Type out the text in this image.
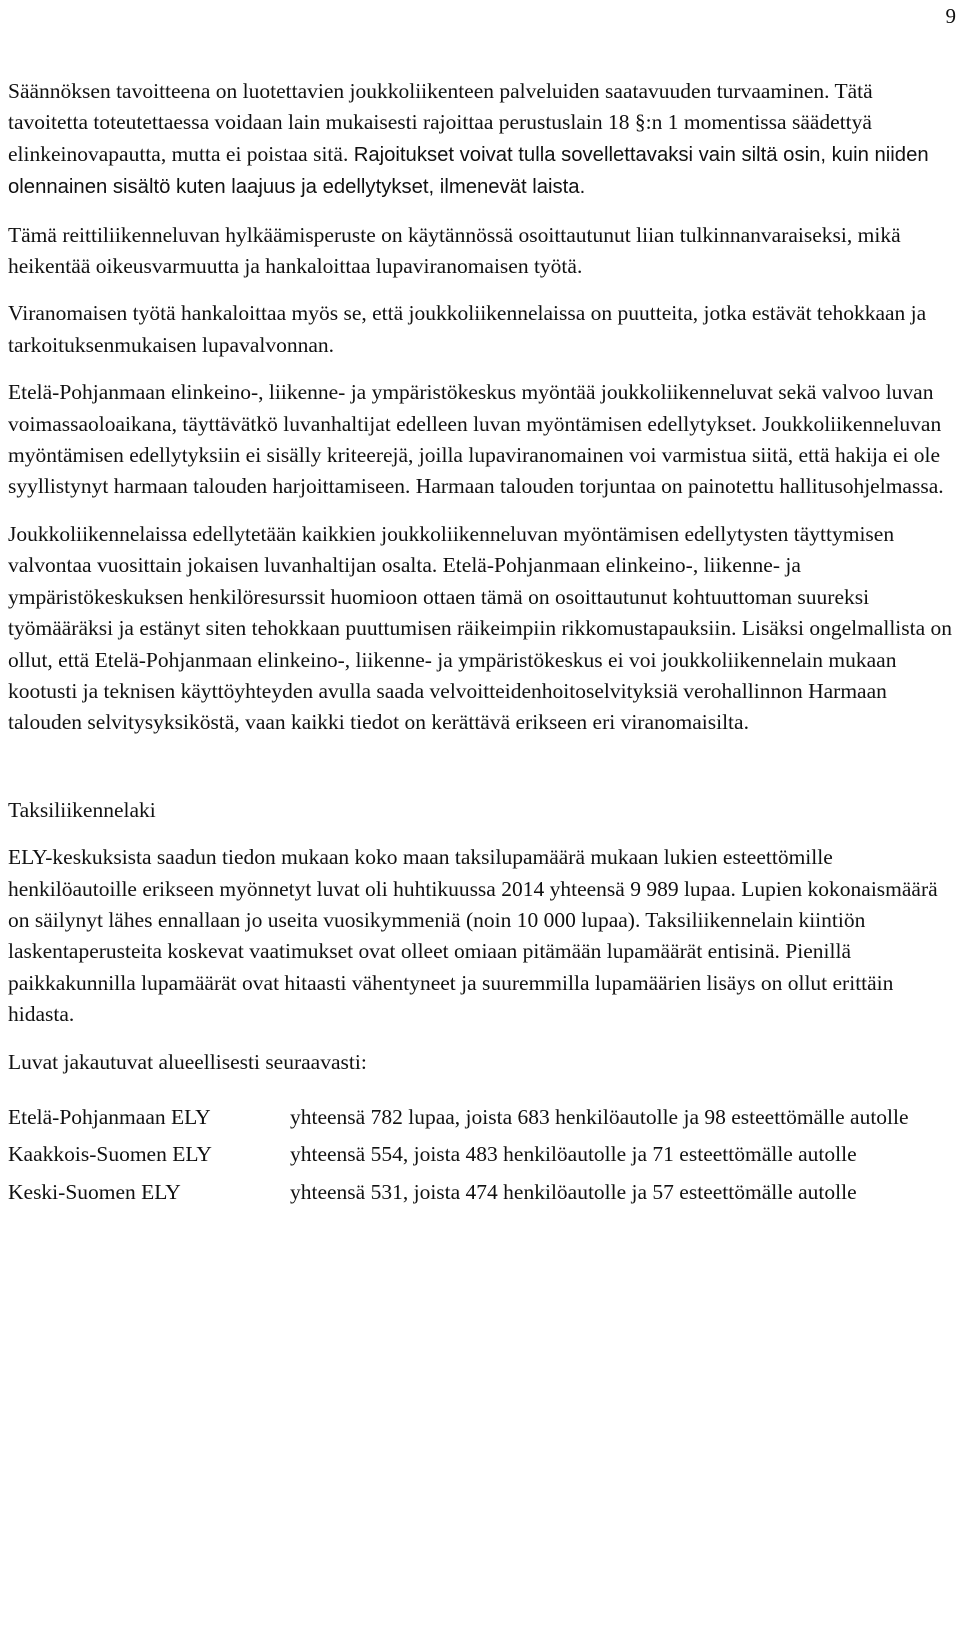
9

Säännöksen tavoitteena on luotettavien joukkoliikenteen palveluiden saatavuuden turvaaminen. Tätä tavoitetta toteutettaessa voidaan lain mukaisesti rajoittaa perustuslain 18 §:n 1 momentissa säädettyä elinkeinovapautta, mutta ei poistaa sitä. Rajoitukset voivat tulla sovellettavaksi vain siltä osin, kuin niiden olennainen sisältö kuten laajuus ja edellytykset, ilmenevät laista.

Tämä reittiliikenneluvan hylkäämisperuste on käytännössä osoittautunut liian tulkinnanvaraiseksi, mikä heikentää oikeusvarmuutta ja hankaloittaa lupaviranomaisen työtä.

Viranomaisen työtä hankaloittaa myös se, että joukkoliikennelaissa on puutteita, jotka estävät tehokkaan ja tarkoituksenmukaisen lupavalvonnan.

Etelä-Pohjanmaan elinkeino-, liikenne- ja ympäristökeskus myöntää joukkoliikenneluvat sekä valvoo luvan voimassaoloaikana, täyttävätkö luvanhaltijat edelleen luvan myöntämisen edellytykset. Joukkoliikenneluvan myöntämisen edellytyksiin ei sisälly kriteerejä, joilla lupaviranomainen voi varmistua siitä, että hakija ei ole syyllistynyt harmaan talouden harjoittamiseen. Harmaan talouden torjuntaa on painotettu hallitusohjelmassa.

Joukkoliikennelaissa edellytetään kaikkien joukkoliikenneluvan myöntämisen edellytysten täyttymisen valvontaa vuosittain jokaisen luvanhaltijan osalta. Etelä-Pohjanmaan elinkeino-, liikenne- ja ympäristökeskuksen henkilöresurssit huomioon ottaen tämä on osoittautunut kohtuuttoman suureksi työmääräksi ja estänyt siten tehokkaan puuttumisen räikeimpiin rikkomustapauksiin. Lisäksi ongelmallista on ollut, että Etelä-Pohjanmaan elinkeino-, liikenne- ja ympäristökeskus ei voi joukkoliikennelain mukaan kootusti ja teknisen käyttöyhteyden avulla saada velvoitteidenhoitoselvityksiä verohallinnon Harmaan talouden selvitysyksiköstä, vaan kaikki tiedot on kerättävä erikseen eri viranomaisilta.

Taksiliikennelaki

ELY-keskuksista saadun tiedon mukaan koko maan taksilupamäärä mukaan lukien esteettömille henkilöautoille erikseen myönnetyt luvat oli huhtikuussa 2014 yhteensä 9 989 lupaa. Lupien kokonaismäärä on säilynyt lähes ennallaan jo useita vuosikymmeniä (noin 10 000 lupaa). Taksiliikennelain kiintiön laskentaperusteita koskevat vaatimukset ovat olleet omiaan pitämään lupamäärät entisinä. Pienillä paikkakunnilla lupamäärät ovat hitaasti vähentyneet ja suuremmilla lupamäärien lisäys on ollut erittäin hidasta.

Luvat jakautuvat alueellisesti seuraavasti:

Etelä-Pohjanmaan ELY	yhteensä 782 lupaa, joista 683 henkilöautolle ja 98 esteettömälle autolle
Kaakkois-Suomen ELY	yhteensä 554, joista 483 henkilöautolle ja 71 esteettömälle autolle
Keski-Suomen ELY	yhteensä 531, joista 474 henkilöautolle ja 57 esteettömälle autolle
